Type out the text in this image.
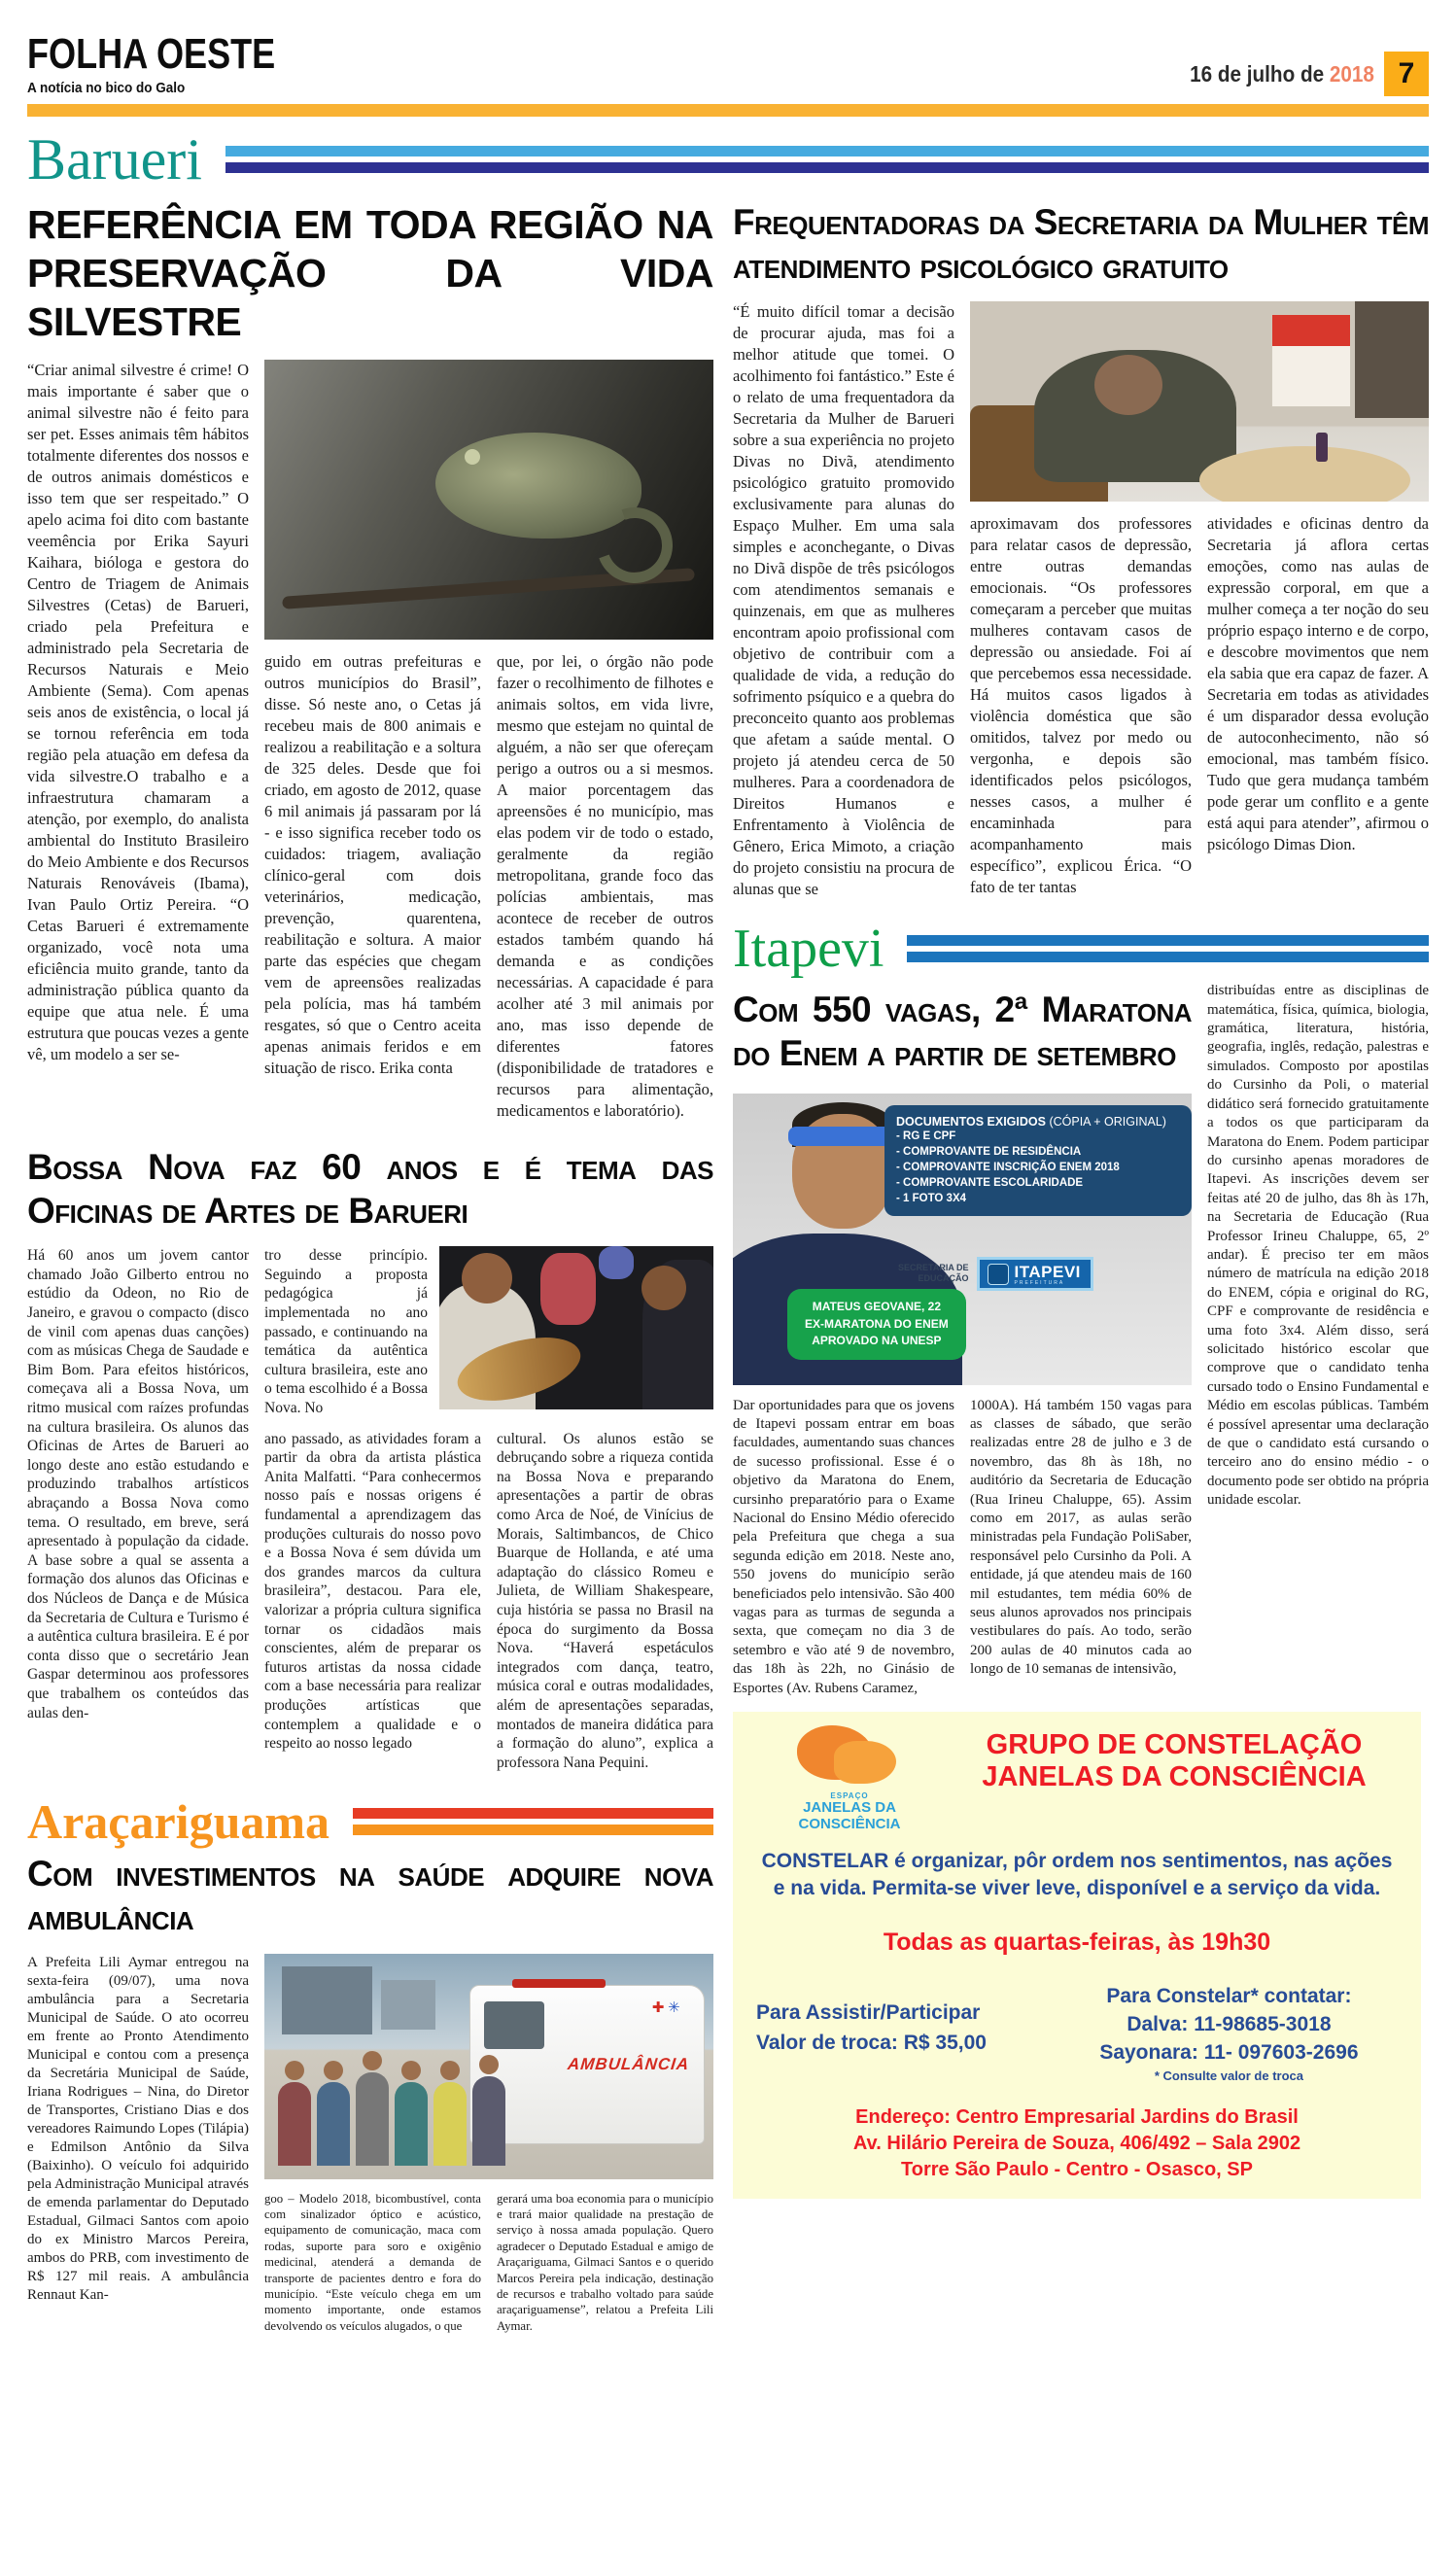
FOLHA OESTE
A notícia no bico do Galo
16 de julho de 2018 7
Barueri
REFERÊNCIA EM TODA REGIÃO NA PRESERVAÇÃO DA VIDA SILVESTRE
“Criar animal silvestre é crime! O mais importante é saber que o animal silvestre não é feito para ser pet. Esses animais têm hábitos totalmente diferentes dos nossos e de outros animais domésticos e isso tem que ser respeitado.” O apelo acima foi dito com bastante veemência por Erika Sayuri Kaihara, bióloga e gestora do Centro de Triagem de Animais Silvestres (Cetas) de Barueri, criado pela Prefeitura e administrado pela Secretaria de Recursos Naturais e Meio Ambiente (Sema). Com apenas seis anos de existência, o local já se tornou referência em toda região pela atuação em defesa da vida silvestre.O trabalho e a infraestrutura chamaram a atenção, por exemplo, do analista ambiental do Instituto Brasileiro do Meio Ambiente e dos Recursos Naturais Renováveis (Ibama), Ivan Paulo Ortiz Pereira. “O Cetas Barueri é extremamente organizado, você nota uma eficiência muito grande, tanto da administração pública quanto da equipe que atua nele. É uma estrutura que poucas vezes a gente vê, um modelo a ser se-
guido em outras prefeituras e outros municípios do Brasil”, disse. Só neste ano, o Cetas já recebeu mais de 800 animais e realizou a reabilitação e a soltura de 325 deles. Desde que foi criado, em agosto de 2012, quase 6 mil animais já passaram por lá - e isso significa receber todo os cuidados: triagem, avaliação clínico-geral com dois veterinários, medicação, prevenção, quarentena, reabilitação e soltura. A maior parte das espécies que chegam vem de apreensões realizadas pela polícia, mas há também resgates, só que o Centro aceita apenas animais feridos e em situação de risco. Erika conta
que, por lei, o órgão não pode fazer o recolhimento de filhotes e animais soltos, em vida livre, mesmo que estejam no quintal de alguém, a não ser que ofereçam perigo a outros ou a si mesmos. A maior porcentagem das apreensões é no município, mas elas podem vir de todo o estado, geralmente da região metropolitana, grande foco das polícias ambientais, mas acontece de receber de outros estados também quando há demanda e as condições necessárias. A capacidade é para acolher até 3 mil animais por ano, mas isso depende de diferentes fatores (disponibilidade de tratadores e recursos para alimentação, medicamentos e laboratório).
Bossa Nova faz 60 anos e é tema das Oficinas de Artes de Barueri
Há 60 anos um jovem cantor chamado João Gilberto entrou no estúdio da Odeon, no Rio de Janeiro, e gravou o compacto (disco de vinil com apenas duas canções) com as músicas Chega de Saudade e Bim Bom. Para efeitos históricos, começava ali a Bossa Nova, um ritmo musical com raízes profundas na cultura brasileira. Os alunos das Oficinas de Artes de Barueri ao longo deste ano estão estudando e produzindo trabalhos artísticos abraçando a Bossa Nova como tema. O resultado, em breve, será apresentado à população da cidade. A base sobre a qual se assenta a formação dos alunos das Oficinas e dos Núcleos de Dança e de Música da Secretaria de Cultura e Turismo é a autêntica cultura brasileira. E é por conta disso que o secretário Jean Gaspar determinou aos professores que trabalhem os conteúdos das aulas den-
tro desse princípio. Seguindo a proposta pedagógica já implementada no ano passado, e continuando na temática da autêntica cultura brasileira, este ano o tema escolhido é a Bossa Nova. No
ano passado, as atividades foram a partir da obra da artista plástica Anita Malfatti. “Para conhecermos nosso país e nossas origens é fundamental a aprendizagem das produções culturais do nosso povo e a Bossa Nova é sem dúvida um dos grandes marcos da cultura brasileira”, destacou. Para ele, valorizar a própria cultura significa tornar os cidadãos mais conscientes, além de preparar os futuros artistas da nossa cidade com a base necessária para realizar produções artísticas que contemplem a qualidade e o respeito ao nosso legado
cultural. Os alunos estão se debruçando sobre a riqueza contida na Bossa Nova e preparando apresentações a partir de obras como Arca de Noé, de Vinícius de Morais, Saltimbancos, de Chico Buarque de Hollanda, e até uma adaptação do clássico Romeu e Julieta, de William Shakespeare, cuja história se passa no Brasil na época do surgimento da Bossa Nova. “Haverá espetáculos integrados com dança, teatro, música coral e outras modalidades, além de apresentações separadas, montados de maneira didática para a formação do aluno”, explica a professora Nana Pequini.
Araçariguama
Com investimentos na saúde adquire nova ambulância
A Prefeita Lili Aymar entregou na sexta-feira (09/07), uma nova ambulância para a Secretaria Municipal de Saúde. O ato ocorreu em frente ao Pronto Atendimento Municipal e contou com a presença da Secretária Municipal de Saúde, Iriana Rodrigues – Nina, do Diretor de Transportes, Cristiano Dias e dos vereadores Raimundo Lopes (Tilápia) e Edmilson Antônio da Silva (Baixinho). O veículo foi adquirido pela Administração Municipal através de emenda parlamentar do Deputado Estadual, Gilmaci Santos com apoio do ex Ministro Marcos Pereira, ambos do PRB, com investimento de R$ 127 mil reais. A ambulância Rennaut Kan-
✚ ✳
AMBULÂNCIA
goo – Modelo 2018, bicombustível, conta com sinalizador óptico e acústico, equipamento de comunicação, maca com rodas, suporte para soro e oxigênio medicinal, atenderá a demanda de transporte de pacientes dentro e fora do município. “Este veículo chega em um momento importante, onde estamos devolvendo os veículos alugados, o que
gerará uma boa economia para o município e trará maior qualidade na prestação de serviço à nossa amada população. Quero agradecer o Deputado Estadual e amigo de Araçariguama, Gilmaci Santos e o querido Marcos Pereira pela indicação, destinação de recursos e trabalho voltado para saúde araçariguamense”, relatou a Prefeita Lili Aymar.
Frequentadoras da Secretaria da Mulher têm atendimento psicológico gratuito
“É muito difícil tomar a decisão de procurar ajuda, mas foi a melhor atitude que tomei. O acolhimento foi fantástico.” Este é o relato de uma frequentadora da Secretaria da Mulher de Barueri sobre a sua experiência no projeto Divas no Divã, atendimento psicológico gratuito promovido exclusivamente para alunas do Espaço Mulher. Em uma sala simples e aconchegante, o Divas no Divã dispõe de três psicólogos com atendimentos semanais e quinzenais, em que as mulheres encontram apoio profissional com objetivo de contribuir com a qualidade de vida, a redução do sofrimento psíquico e a quebra do preconceito quanto aos problemas que afetam a saúde mental. O projeto já atendeu cerca de 50 mulheres. Para a coordenadora de Direitos Humanos e Enfrentamento à Violência de Gênero, Erica Mimoto, a criação do projeto consistiu na procura de alunas que se
aproximavam dos professores para relatar casos de depressão, entre outras demandas emocionais. “Os professores começaram a perceber que muitas mulheres contavam casos de depressão ou ansiedade. Foi aí que percebemos essa necessidade. Há muitos casos ligados à violência doméstica que são omitidos, talvez por medo ou vergonha, e depois são identificados pelos psicólogos, nesses casos, a mulher é encaminhada para acompanhamento mais específico”, explicou Érica. “O fato de ter tantas
atividades e oficinas dentro da Secretaria já aflora certas emoções, como nas aulas de expressão corporal, em que a mulher começa a ter noção do seu próprio espaço interno e de corpo, e descobre movimentos que nem ela sabia que era capaz de fazer. A Secretaria em todas as atividades é um disparador dessa evolução de autoconhecimento, não só emocional, mas também físico. Tudo que gera mudança também pode gerar um conflito e a gente está aqui para atender”, afirmou o psicólogo Dimas Dion.
Itapevi
Com 550 vagas, 2ª Maratona do Enem a partir de setembro
DOCUMENTOS EXIGIDOS (CÓPIA + ORIGINAL)
- RG E CPF
- COMPROVANTE DE RESIDÊNCIA
- COMPROVANTE INSCRIÇÃO ENEM 2018
- COMPROVANTE ESCOLARIDADE
- 1 FOTO 3X4
SECRETARIA DE
EDUCAÇÃO	ITAPEVI
PREFEITURA
MATEUS GEOVANE, 22
EX-MARATONA DO ENEM
APROVADO NA UNESP
Dar oportunidades para que os jovens de Itapevi possam entrar em boas faculdades, aumentando suas chances de sucesso profissional. Esse é o objetivo da Maratona do Enem, cursinho preparatório para o Exame Nacional do Ensino Médio oferecido pela Prefeitura que chega a sua segunda edição em 2018. Neste ano, 550 jovens do município serão beneficiados pelo intensivão. São 400 vagas para as turmas de segunda a sexta, que começam no dia 3 de setembro e vão até 9 de novembro, das 18h às 22h, no Ginásio de Esportes (Av. Rubens Caramez,
1000A). Há também 150 vagas para as classes de sábado, que serão realizadas entre 28 de julho e 3 de novembro, das 8h às 18h, no auditório da Secretaria de Educação (Rua Irineu Chaluppe, 65). Assim como em 2017, as aulas serão ministradas pela Fundação PoliSaber, responsável pelo Cursinho da Poli. A entidade, já que atendeu mais de 160 mil estudantes, tem média 60% de seus alunos aprovados nos principais vestibulares do país. Ao todo, serão 200 aulas de 40 minutos cada ao longo de 10 semanas de intensivão,
distribuídas entre as disciplinas de matemática, física, química, biologia, gramática, literatura, história, geografia, inglês, redação, palestras e simulados. Composto por apostilas do Cursinho da Poli, o material didático será fornecido gratuitamente a todos os que participaram da Maratona do Enem. Podem participar do cursinho apenas moradores de Itapevi. As inscrições devem ser feitas até 20 de julho, das 8h às 17h, na Secretaria de Educação (Rua Professor Irineu Chaluppe, 65, 2º andar). É preciso ter em mãos número de matrícula na edição 2018 do ENEM, cópia e original do RG, CPF e comprovante de residência e uma foto 3x4. Além disso, será solicitado histórico escolar que comprove que o candidato tenha cursado todo o Ensino Fundamental e Médio em escolas públicas. Também é possível apresentar uma declaração de que o candidato está cursando o terceiro ano do ensino médio - o documento pode ser obtido na própria unidade escolar.
ESPAÇO
JANELAS DA
CONSCIÊNCIA
GRUPO DE CONSTELAÇÃO
JANELAS DA CONSCIÊNCIA
CONSTELAR é organizar, pôr ordem nos sentimentos, nas ações
e na vida. Permita-se viver leve, disponível e a serviço da vida.
Todas as quartas-feiras, às 19h30
Para Assistir/Participar
Valor de troca: R$ 35,00
Para Constelar* contatar:
Dalva: 11-98685-3018
Sayonara: 11- 097603-2696
* Consulte valor de troca
Endereço: Centro Empresarial Jardins do Brasil
Av. Hilário Pereira de Souza, 406/492 – Sala 2902
Torre São Paulo - Centro - Osasco, SP
